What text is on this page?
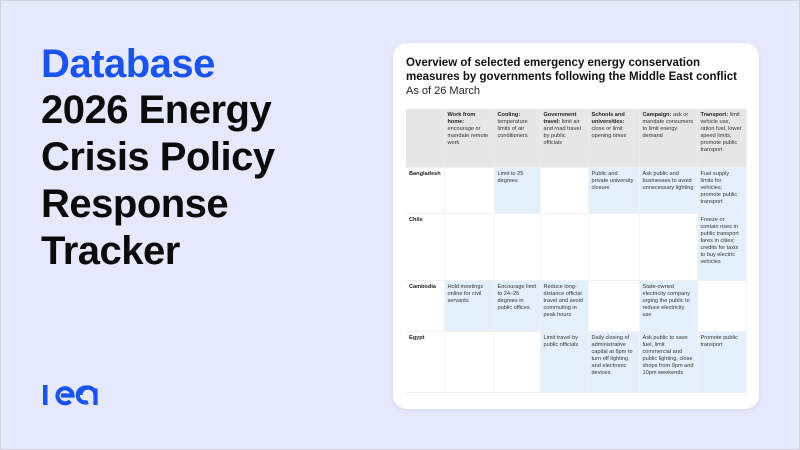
Database
2026 Energy
Crisis Policy
Response
Tracker
Overview of selected emergency energy conservation measures by governments following the Middle East conflict
As of 26 March
	Work from home: encourage or mandate remote work	Cooling: temperature limits of air conditioners	Government travel: limit air and road travel by public officials	Schools and universities: close or limit opening times	Campaign: ask or mandate consumers to limit energy demand	Transport: limit vehicle use, ration fuel, lower speed limits, promote public transport
Bangladesh		Limit to 25 degrees		Public and private university closure	Ask public and businesses to avoid unnecessary lighting	Fuel supply limits for vehicles; promote public transport
Chile						Freeze or contain rises in public transport fares in cities; credits for taxis to buy electric vehicles
Cambodia	Hold meetings online for civil servants	Encourage limit to 24–25 degrees in public offices	Reduce long-distance official travel and avoid commuting in peak hours		State-owned electricity company urging the public to reduce electricity use	
Egypt			Limit travel by public officials	Daily closing of administrative capital at 6pm to turn off lighting and electronic devices	Ask public to save fuel, limit commercial and public lighting, close shops from 9pm and 10pm weekends	Promote public transport
